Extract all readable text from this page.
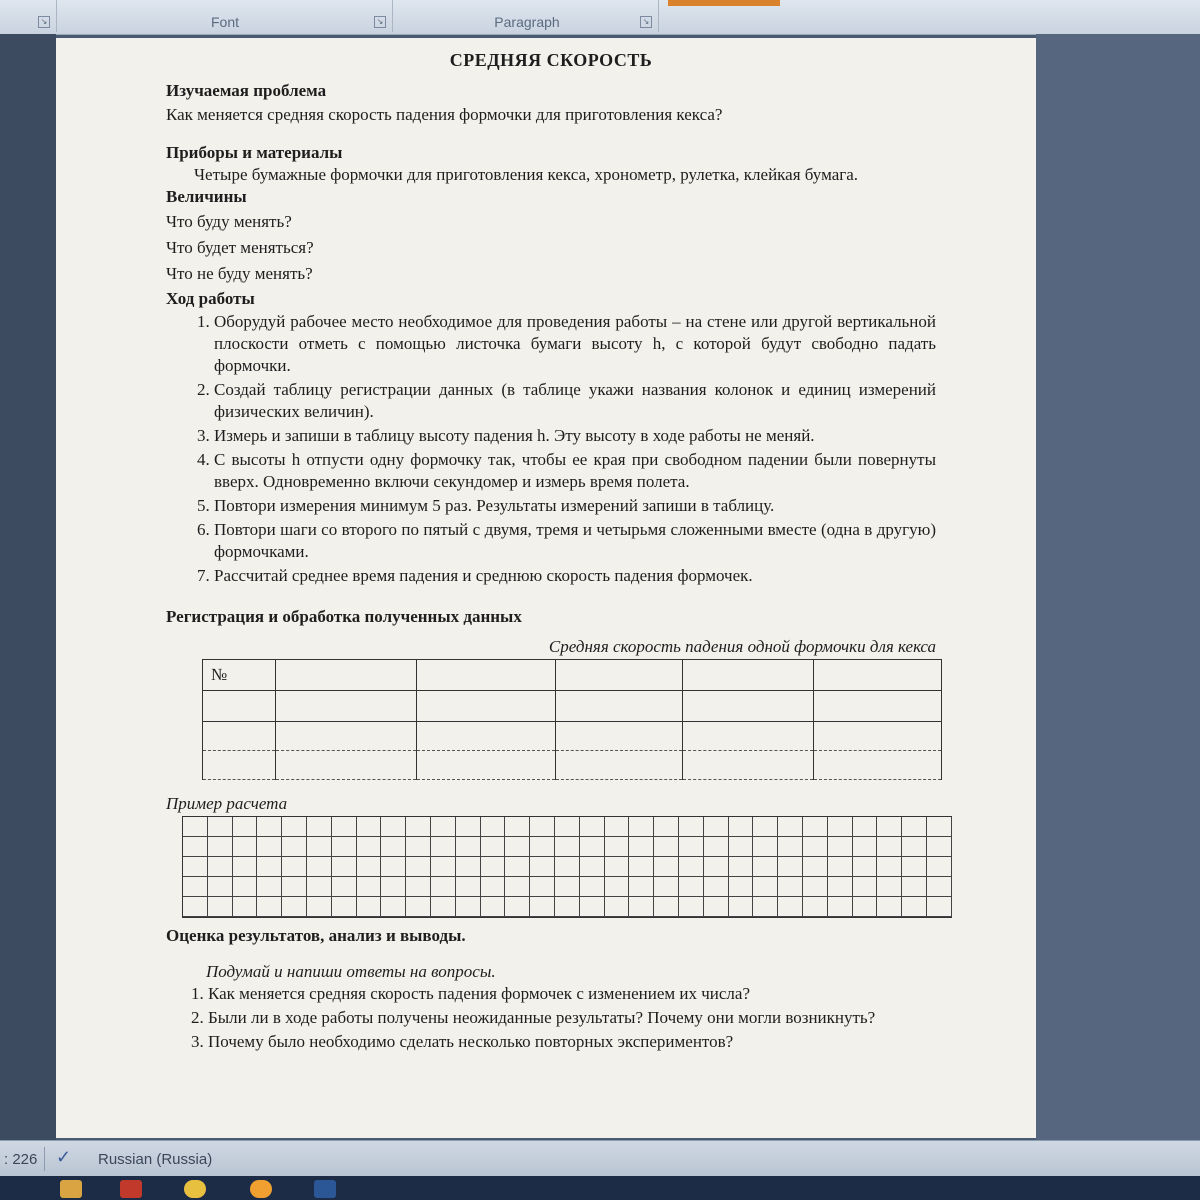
↘	Font	↘	Paragraph	↘

СРЕДНЯЯ СКОРОСТЬ

Изучаемая проблема

Как меняется средняя скорость падения формочки для приготовления кекса?

Приборы и материалы

Четыре бумажные формочки для приготовления кекса, хронометр, рулетка, клейкая бумага.

Величины

Что буду менять?

Что будет меняться?

Что не буду менять?

Ход работы

1. Оборудуй рабочее место необходимое для проведения работы – на стене или другой вертикальной плоскости отметь с помощью листочка бумаги высоту h, с которой будут свободно падать формочки.
2. Создай таблицу регистрации данных (в таблице укажи названия колонок и единиц измерений физических величин).
3. Измерь и запиши в таблицу высоту падения h. Эту высоту в ходе работы не меняй.
4. С высоты h отпусти одну формочку так, чтобы ее края при свободном падении были повернуты вверх. Одновременно включи секундомер и измерь время полета.
5. Повтори измерения минимум 5 раз. Результаты измерений запиши в таблицу.
6. Повтори шаги со второго по пятый с двумя, тремя и четырьмя сложенными вместе (одна в другую) формочками.
7. Рассчитай среднее время падения и среднюю скорость падения формочек.

Регистрация и обработка полученных данных

Средняя скорость падения одной формочки для кекса

№					

Пример расчета

Оценка результатов, анализ и выводы.

Подумай и напиши ответы на вопросы.

1. Как меняется средняя скорость падения формочек с изменением их числа?
2. Были ли в ходе работы получены неожиданные результаты? Почему они могли возникнуть?
3. Почему было необходимо сделать несколько повторных экспериментов?
: 226 ✓	Russian (Russia)
